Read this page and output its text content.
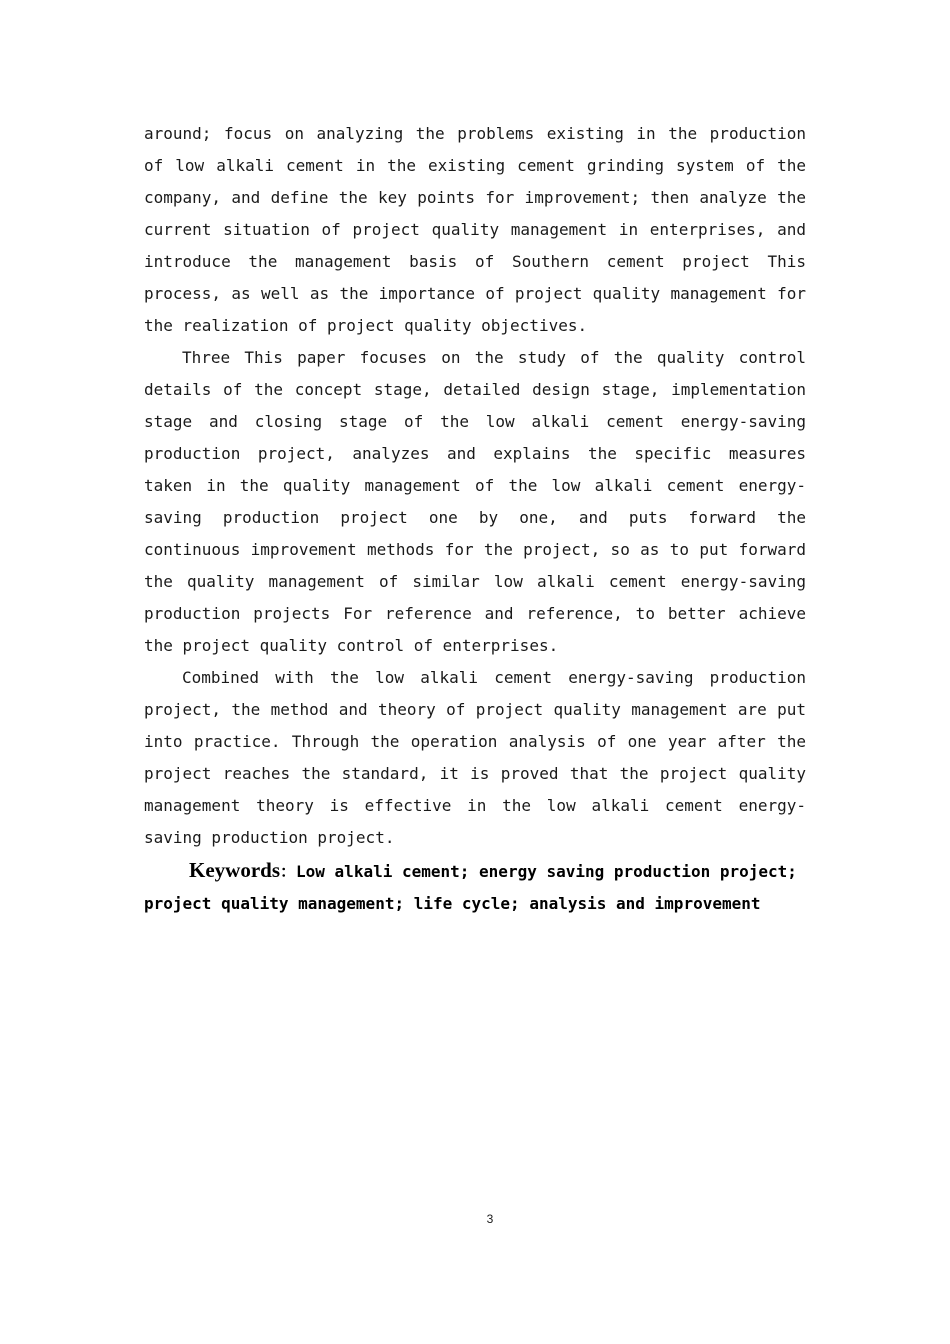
around; focus on analyzing the problems existing in the production of low alkali cement in the existing cement grinding system of the company, and define the key points for improvement; then analyze the current situation of project quality management in enterprises, and introduce the management basis of Southern cement project This process, as well as the importance of project quality management for the realization of project quality objectives.

Three This paper focuses on the study of the quality control details of the concept stage, detailed design stage, implementation stage and closing stage of the low alkali cement energy-saving production project, analyzes and explains the specific measures taken in the quality management of the low alkali cement energy-saving production project one by one, and puts forward the continuous improvement methods for the project, so as to put forward the quality management of similar low alkali cement energy-saving production projects For reference and reference, to better achieve the project quality control of enterprises.

Combined with the low alkali cement energy-saving production project, the method and theory of project quality management are put into practice. Through the operation analysis of one year after the project reaches the standard, it is proved that the project quality management theory is effective in the low alkali cement energy-saving production project.

Keywords：Low alkali cement; energy saving production project; project quality management; life cycle; analysis and improvement

3
